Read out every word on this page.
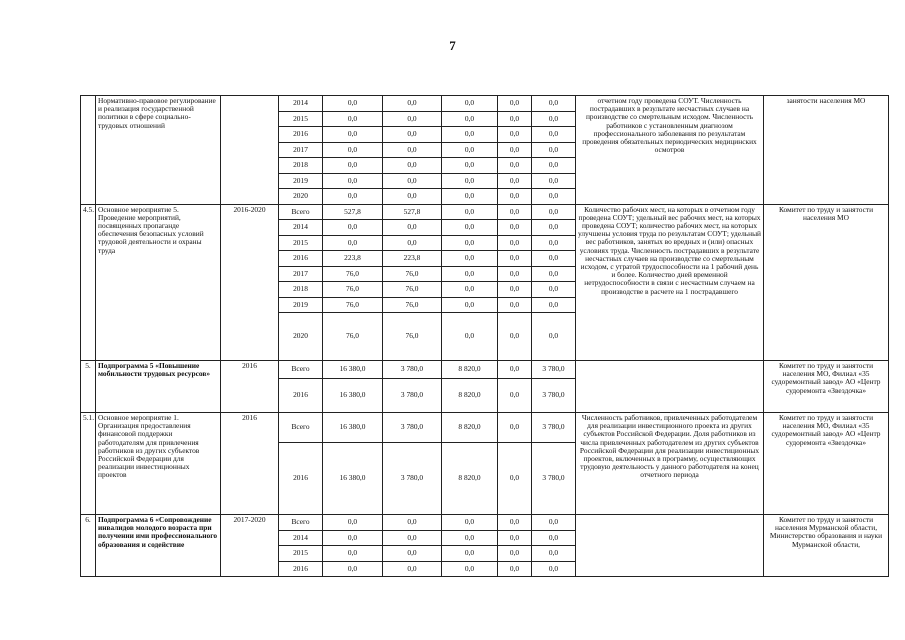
7
	Нормативно-правовое регулирование и реализация государственной политики в сфере социально-трудовых отношений		2014	0,0	0,0	0,0	0,0	0,0	отчетном году проведена СОУТ. Численность пострадавших в результате несчастных случаев на производстве со смертельным исходом. Численность работников с установленным диагнозом профессионального заболевания по результатам проведения обязательных периодических медицинских осмотров	занятости населения МО
			2015	0,0	0,0	0,0	0,0	0,0		
			2016	0,0	0,0	0,0	0,0	0,0		
			2017	0,0	0,0	0,0	0,0	0,0		
			2018	0,0	0,0	0,0	0,0	0,0		
			2019	0,0	0,0	0,0	0,0	0,0		
			2020	0,0	0,0	0,0	0,0	0,0		
4.5.	Основное мероприятие 5. Проведение мероприятий, посвященных пропаганде обеспечения безопасных условий трудовой деятельности и охраны труда	2016-2020	Всего	527,8	527,8	0,0	0,0	0,0	Количество рабочих мест, на которых в отчетном году проведена СОУТ; удельный вес рабочих мест, на которых проведена СОУТ; количество рабочих мест, на которых улучшены условия труда по результатам СОУТ; удельный вес работников, занятых во вредных и (или) опасных условиях труда. Численность пострадавших в результате несчастных случаев на производстве со смертельным исходом, с утратой трудоспособности на 1 рабочий день и более. Количество дней временной нетрудоспособности в связи с несчастным случаем на производстве в расчете на 1 пострадавшего	Комитет по труду и занятости населения МО
			2014	0,0	0,0	0,0	0,0	0,0		
			2015	0,0	0,0	0,0	0,0	0,0		
			2016	223,8	223,8	0,0	0,0	0,0		
			2017	76,0	76,0	0,0	0,0	0,0		
			2018	76,0	76,0	0,0	0,0	0,0		
			2019	76,0	76,0	0,0	0,0	0,0		
			2020	76,0	76,0	0,0	0,0	0,0		
5.	Подпрограмма 5 «Повышение мобильности трудовых ресурсов»	2016	Всего	16 380,0	3 780,0	8 820,0	0,0	3 780,0		Комитет по труду и занятости населения МО, Филиал «35 судоремонтный завод» АО «Центр судоремонта «Звездочка»
			2016	16 380,0	3 780,0	8 820,0	0,0	3 780,0		
5.1.	Основное мероприятие 1. Организация предоставления финансовой поддержки работодателям для привлечения работников из других субъектов Российской Федерации для реализации инвестиционных проектов	2016	Всего	16 380,0	3 780,0	8 820,0	0,0	3 780,0	Численность работников, привлеченных работодателем для реализации инвестиционного проекта из других субъектов Российской Федерации. Доля работников из числа привлеченных работодателем из других субъектов Российской Федерации для реализации инвестиционных проектов, включенных в программу, осуществляющих трудовую деятельность у данного работодателя на конец отчетного периода	Комитет по труду и занятости населения МО, Филиал «35 судоремонтный завод» АО «Центр судоремонта «Звездочка»
			2016	16 380,0	3 780,0	8 820,0	0,0	3 780,0		
6.	Подпрограмма 6 «Сопровождение инвалидов молодого возраста при получении ими профессионального образования и содействие	2017-2020	Всего	0,0	0,0	0,0	0,0	0,0		Комитет по труду и занятости населения Мурманской области, Министерство образования и науки Мурманской области,
			2014	0,0	0,0	0,0	0,0	0,0		
			2015	0,0	0,0	0,0	0,0	0,0		
			2016	0,0	0,0	0,0	0,0	0,0		
